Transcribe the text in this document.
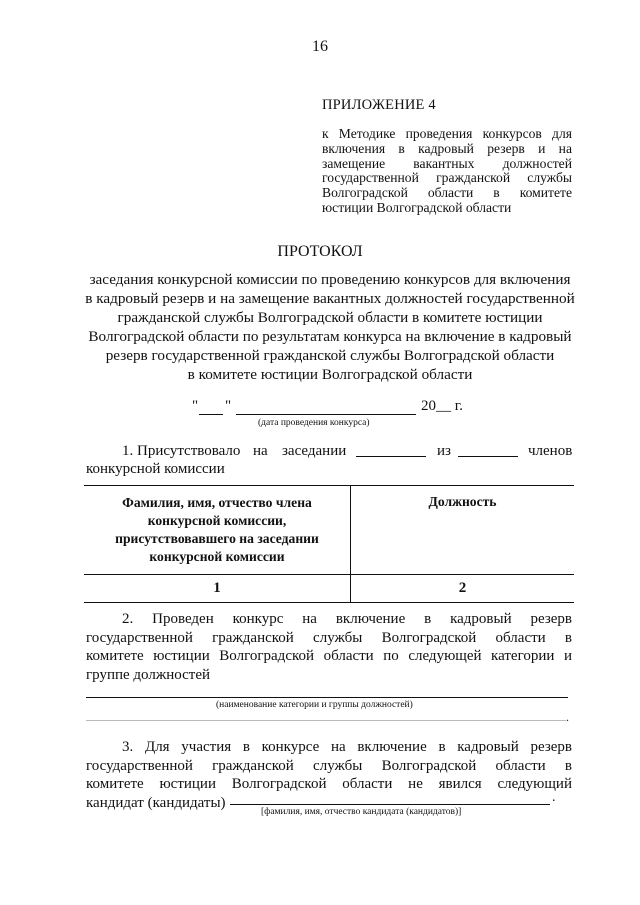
16
ПРИЛОЖЕНИЕ 4
к Методике проведения конкурсов для
включения в кадровый резерв и на
замещение вакантных должностей
государственной гражданской службы
Волгоградской области в комитете
юстиции Волгоградской области
ПРОТОКОЛ
заседания конкурсной комиссии по проведению конкурсов для включения
в кадровый резерв и на замещение вакантных должностей государственной
гражданской службы Волгоградской области в комитете юстиции
Волгоградской области по результатам конкурса на включение в кадровый
резерв государственной гражданской службы Волгоградской области
в комитете юстиции Волгоградской области
" "	20__ г.
(дата проведения конкурса)
1. Присутствовало на заседании	из	членов
конкурсной комиссии
Фамилия, имя, отчество члена конкурсной комиссии, присутствовавшего на заседании конкурсной комиссии	Должность
1	2
2. Проведен конкурс на включение в кадровый резерв
государственной гражданской службы Волгоградской области в
комитете юстиции Волгоградской области по следующей категории и
группе должностей
(наименование категории и группы должностей)
.
3. Для участия в конкурсе на включение в кадровый резерв
государственной гражданской службы Волгоградской области в
комитете юстиции Волгоградской области не явился следующий
кандидат (кандидаты)	.
[фамилия, имя, отчество кандидата (кандидатов)]
